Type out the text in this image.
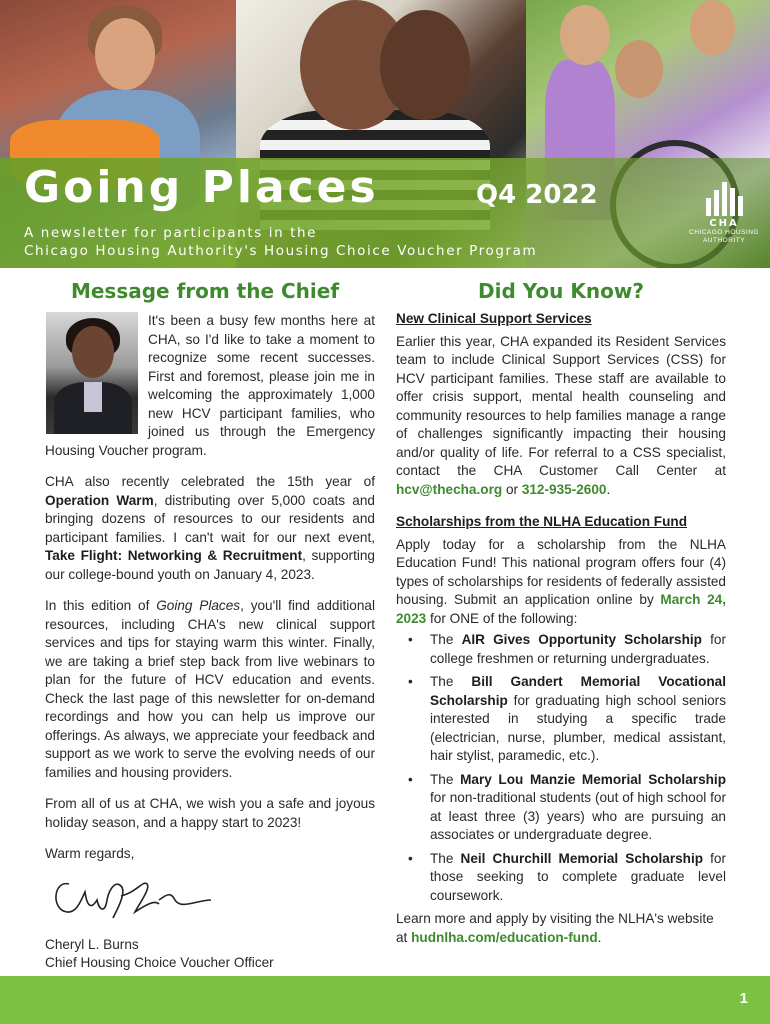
Going Places	Q4 2022
A newsletter for participants in the
Chicago Housing Authority's Housing Choice Voucher Program
CHA
CHICAGO HOUSING
AUTHORITY
Message from the Chief

It's been a busy few months here at CHA, so I'd like to take a moment to recognize some recent successes. First and foremost, please join me in welcoming the approximately 1,000 new HCV participant families, who joined us through the Emergency Housing Voucher program.

CHA also recently celebrated the 15th year of Operation Warm, distributing over 5,000 coats and bringing dozens of resources to our residents and participant families. I can't wait for our next event, Take Flight: Networking & Recruitment, supporting our college-bound youth on January 4, 2023.

In this edition of Going Places, you'll find additional resources, including CHA's new clinical support services and tips for staying warm this winter. Finally, we are taking a brief step back from live webinars to plan for the future of HCV education and events. Check the last page of this newsletter for on-demand recordings and how you can help us improve our offerings. As always, we appreciate your feedback and support as we work to serve the evolving needs of our families and housing providers.

From all of us at CHA, we wish you a safe and joyous holiday season, and a happy start to 2023!

Warm regards,
Cheryl L. Burns
Chief Housing Choice Voucher Officer
Did You Know?
New Clinical Support Services

Earlier this year, CHA expanded its Resident Services team to include Clinical Support Services (CSS) for HCV participant families. These staff are available to offer crisis support, mental health counseling and community resources to help families manage a range of challenges significantly impacting their housing and/or quality of life. For referral to a CSS specialist, contact the CHA Customer Call Center at hcv@thecha.org or 312-935-2600.

Scholarships from the NLHA Education Fund

Apply today for a scholarship from the NLHA Education Fund! This national program offers four (4) types of scholarships for residents of federally assisted housing. Submit an application online by March 24, 2023 for ONE of the following:

• The AIR Gives Opportunity Scholarship for college freshmen or returning undergraduates.
• The Bill Gandert Memorial Vocational Scholarship for graduating high school seniors interested in studying a specific trade (electrician, nurse, plumber, medical assistant, hair stylist, paramedic, etc.).
• The Mary Lou Manzie Memorial Scholarship for non-traditional students (out of high school for at least three (3) years) who are pursuing an associates or undergraduate degree.
• The Neil Churchill Memorial Scholarship for those seeking to complete graduate level coursework.

Learn more and apply by visiting the NLHA's website at hudnlha.com/education-fund.

1
